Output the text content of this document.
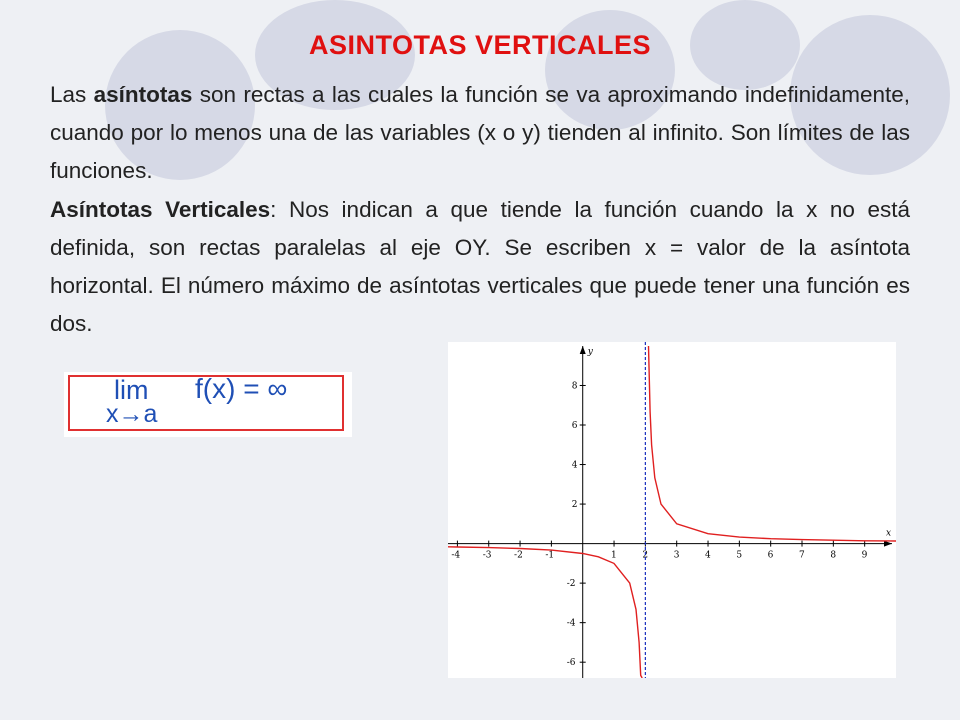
ASINTOTAS VERTICALES
Las asíntotas son rectas a las cuales la función se va aproximando indefinidamente, cuando por lo menos una de las variables (x o y) tienden al infinito. Son límites de las funciones.
Asíntotas Verticales: Nos indican a que tiende la función cuando la x no está definida, son rectas paralelas al eje OY. Se escriben x = valor de la asíntota horizontal. El número máximo de asíntotas verticales que puede tener una función es dos.
lim f(x) = ∞
x→a
x
y
-4	-3	-2	-1	1	2	3	4	5	6	7	8	9
-6
-4
-2
2
4
6
8
